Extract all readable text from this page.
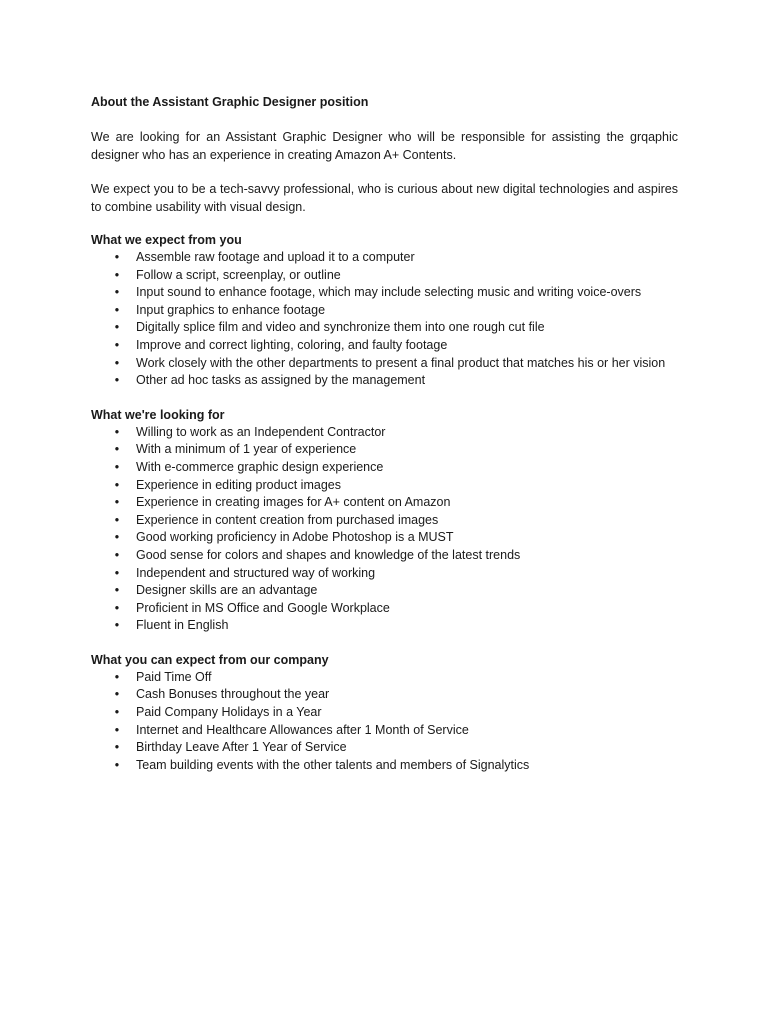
About the Assistant Graphic Designer position

We are looking for an Assistant Graphic Designer who will be responsible for assisting the grqaphic designer who has an experience in creating Amazon A+ Contents.

We expect you to be a tech-savvy professional, who is curious about new digital technologies and aspires to combine usability with visual design.

What we expect from you
• Assemble raw footage and upload it to a computer
• Follow a script, screenplay, or outline
• Input sound to enhance footage, which may include selecting music and writing voice-overs
• Input graphics to enhance footage
• Digitally splice film and video and synchronize them into one rough cut file
• Improve and correct lighting, coloring, and faulty footage
• Work closely with the other departments to present a final product that matches his or her vision
• Other ad hoc tasks as assigned by the management
What we're looking for
• Willing to work as an Independent Contractor
• With a minimum of 1 year of experience
• With e-commerce graphic design experience
• Experience in editing product images
• Experience in creating images for A+ content on Amazon
• Experience in content creation from purchased images
• Good working proficiency in Adobe Photoshop is a MUST
• Good sense for colors and shapes and knowledge of the latest trends
• Independent and structured way of working
• Designer skills are an advantage
• Proficient in MS Office and Google Workplace
• Fluent in English
What you can expect from our company
• Paid Time Off
• Cash Bonuses throughout the year
• Paid Company Holidays in a Year
• Internet and Healthcare Allowances after 1 Month of Service
• Birthday Leave After 1 Year of Service
• Team building events with the other talents and members of Signalytics
